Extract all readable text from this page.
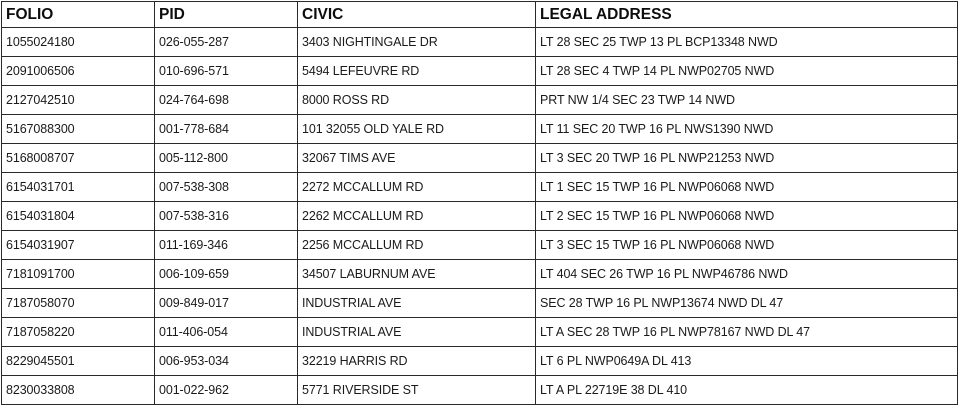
FOLIO	PID	CIVIC	LEGAL ADDRESS
1055024180	026-055-287	3403 NIGHTINGALE DR	LT 28 SEC 25 TWP 13 PL BCP13348 NWD
2091006506	010-696-571	5494 LEFEUVRE RD	LT 28 SEC 4 TWP 14 PL NWP02705 NWD
2127042510	024-764-698	8000 ROSS RD	PRT NW 1/4 SEC 23 TWP 14 NWD
5167088300	001-778-684	101 32055 OLD YALE RD	LT 11 SEC 20 TWP 16 PL NWS1390 NWD
5168008707	005-112-800	32067 TIMS AVE	LT 3 SEC 20 TWP 16 PL NWP21253 NWD
6154031701	007-538-308	2272 MCCALLUM RD	LT 1 SEC 15 TWP 16 PL NWP06068 NWD
6154031804	007-538-316	2262 MCCALLUM RD	LT 2 SEC 15 TWP 16 PL NWP06068 NWD
6154031907	011-169-346	2256 MCCALLUM RD	LT 3 SEC 15 TWP 16 PL NWP06068 NWD
7181091700	006-109-659	34507 LABURNUM AVE	LT 404 SEC 26 TWP 16 PL NWP46786 NWD
7187058070	009-849-017	INDUSTRIAL AVE	SEC 28 TWP 16 PL NWP13674 NWD DL 47
7187058220	011-406-054	INDUSTRIAL AVE	LT A SEC 28 TWP 16 PL NWP78167 NWD DL 47
8229045501	006-953-034	32219 HARRIS RD	LT 6 PL NWP0649A DL 413
8230033808	001-022-962	5771 RIVERSIDE ST	LT A PL 22719E 38 DL 410
